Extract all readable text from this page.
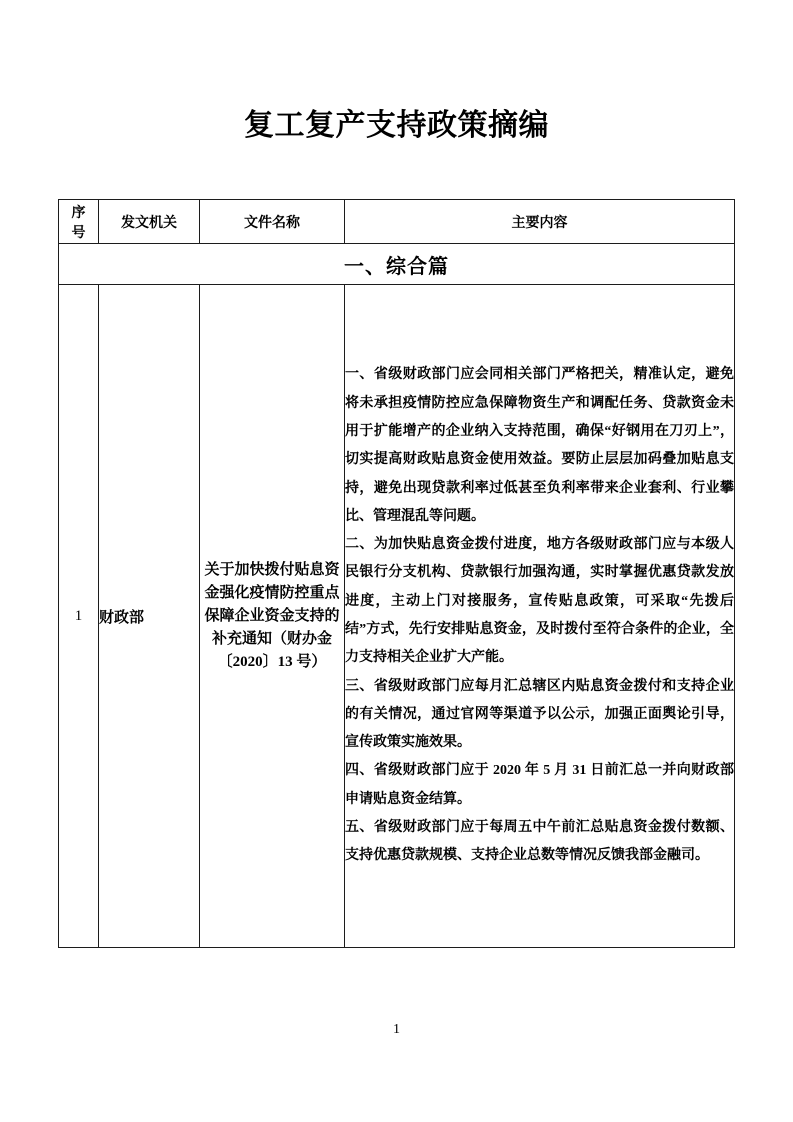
复工复产支持政策摘编
序号	发文机关	文件名称	主要内容
一、综合篇			
1	财政部	关于加快拨付贴息资金强化疫情防控重点保障企业资金支持的补充通知（财办金〔2020〕13 号）	一、省级财政部门应会同相关部门严格把关，精准认定，避免将未承担疫情防控应急保障物资生产和调配任务、贷款资金未用于扩能增产的企业纳入支持范围，确保“好钢用在刀刃上”，切实提高财政贴息资金使用效益。要防止层层加码叠加贴息支持，避免出现贷款利率过低甚至负利率带来企业套利、行业攀比、管理混乱等问题。
二、为加快贴息资金拨付进度，地方各级财政部门应与本级人民银行分支机构、贷款银行加强沟通，实时掌握优惠贷款发放进度，主动上门对接服务，宣传贴息政策，可采取“先拨后结”方式，先行安排贴息资金，及时拨付至符合条件的企业，全力支持相关企业扩大产能。
三、省级财政部门应每月汇总辖区内贴息资金拨付和支持企业的有关情况，通过官网等渠道予以公示，加强正面舆论引导，宣传政策实施效果。
四、省级财政部门应于 2020 年 5 月 31 日前汇总一并向财政部申请贴息资金结算。
五、省级财政部门应于每周五中午前汇总贴息资金拨付数额、支持优惠贷款规模、支持企业总数等情况反馈我部金融司。
1
